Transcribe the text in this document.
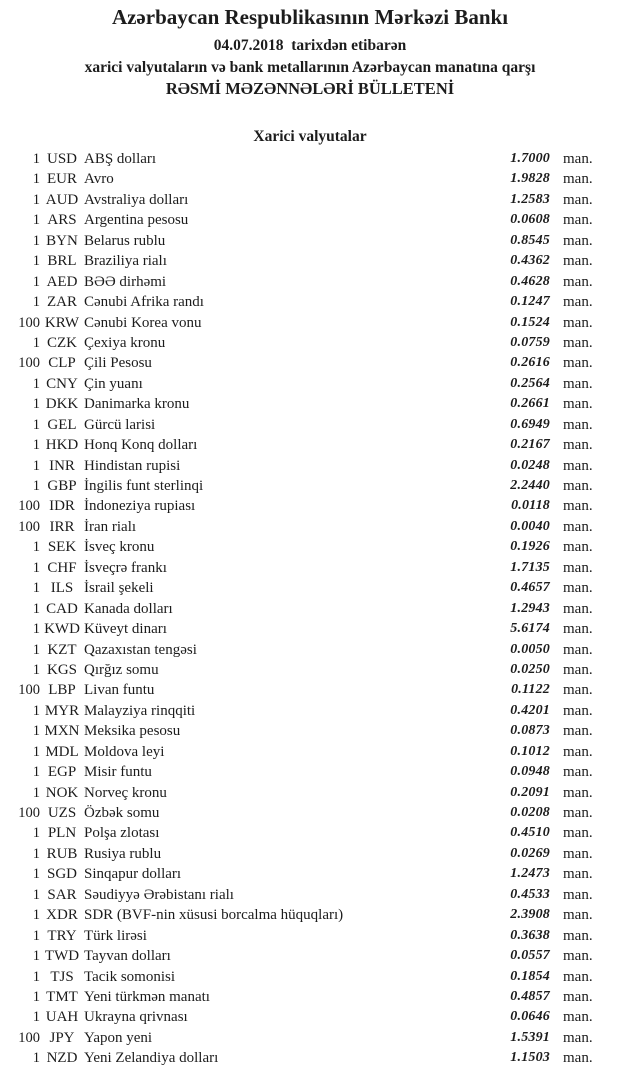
Azərbaycan Respublikasının Mərkəzi Bankı
04.07.2018  tarixdən etibarən
xarici valyutaların və bank metallarının Azərbaycan manatına qarşı
RƏSMİ MƏZƏNNƏLƏRİ BÜLLETENİ
Xarici valyutalar
1 USD ABŞ dolları	1.7000 man.
1 EUR Avro	1.9828 man.
1 AUD Avstraliya dolları	1.2583 man.
1 ARS Argentina pesosu	0.0608 man.
1 BYN Belarus rublu	0.8545 man.
1 BRL Braziliya rialı	0.4362 man.
1 AED BƏƏ dirhəmi	0.4628 man.
1 ZAR Cənubi Afrika randı	0.1247 man.
100 KRW Cənubi Korea vonu	0.1524 man.
1 CZK Çexiya kronu	0.0759 man.
100 CLP Çili Pesosu	0.2616 man.
1 CNY Çin yuanı	0.2564 man.
1 DKK Danimarka kronu	0.2661 man.
1 GEL Gürcü larisi	0.6949 man.
1 HKD Honq Konq dolları	0.2167 man.
1 INR Hindistan rupisi	0.0248 man.
1 GBP İngilis funt sterlinqi	2.2440 man.
100 IDR İndoneziya rupiası	0.0118 man.
100 IRR İran rialı	0.0040 man.
1 SEK İsveç kronu	0.1926 man.
1 CHF İsveçrə frankı	1.7135 man.
1 ILS İsrail şekeli	0.4657 man.
1 CAD Kanada dolları	1.2943 man.
1 KWD Küveyt dinarı	5.6174 man.
1 KZT Qazaxıstan tengəsi	0.0050 man.
1 KGS Qırğız somu	0.0250 man.
100 LBP Livan funtu	0.1122 man.
1 MYR Malayziya rinqqiti	0.4201 man.
1 MXN Meksika pesosu	0.0873 man.
1 MDL Moldova leyi	0.1012 man.
1 EGP Misir funtu	0.0948 man.
1 NOK Norveç kronu	0.2091 man.
100 UZS Özbək somu	0.0208 man.
1 PLN Polşa zlotası	0.4510 man.
1 RUB Rusiya rublu	0.0269 man.
1 SGD Sinqapur dolları	1.2473 man.
1 SAR Səudiyyə Ərəbistanı rialı	0.4533 man.
1 XDR SDR (BVF-nin xüsusi borcalma hüquqları)	2.3908 man.
1 TRY Türk lirəsi	0.3638 man.
1 TWD Tayvan dolları	0.0557 man.
1 TJS Tacik somonisi	0.1854 man.
1 TMT Yeni türkmən manatı	0.4857 man.
1 UAH Ukrayna qrivnası	0.0646 man.
100 JPY Yapon yeni	1.5391 man.
1 NZD Yeni Zelandiya dolları	1.1503 man.
